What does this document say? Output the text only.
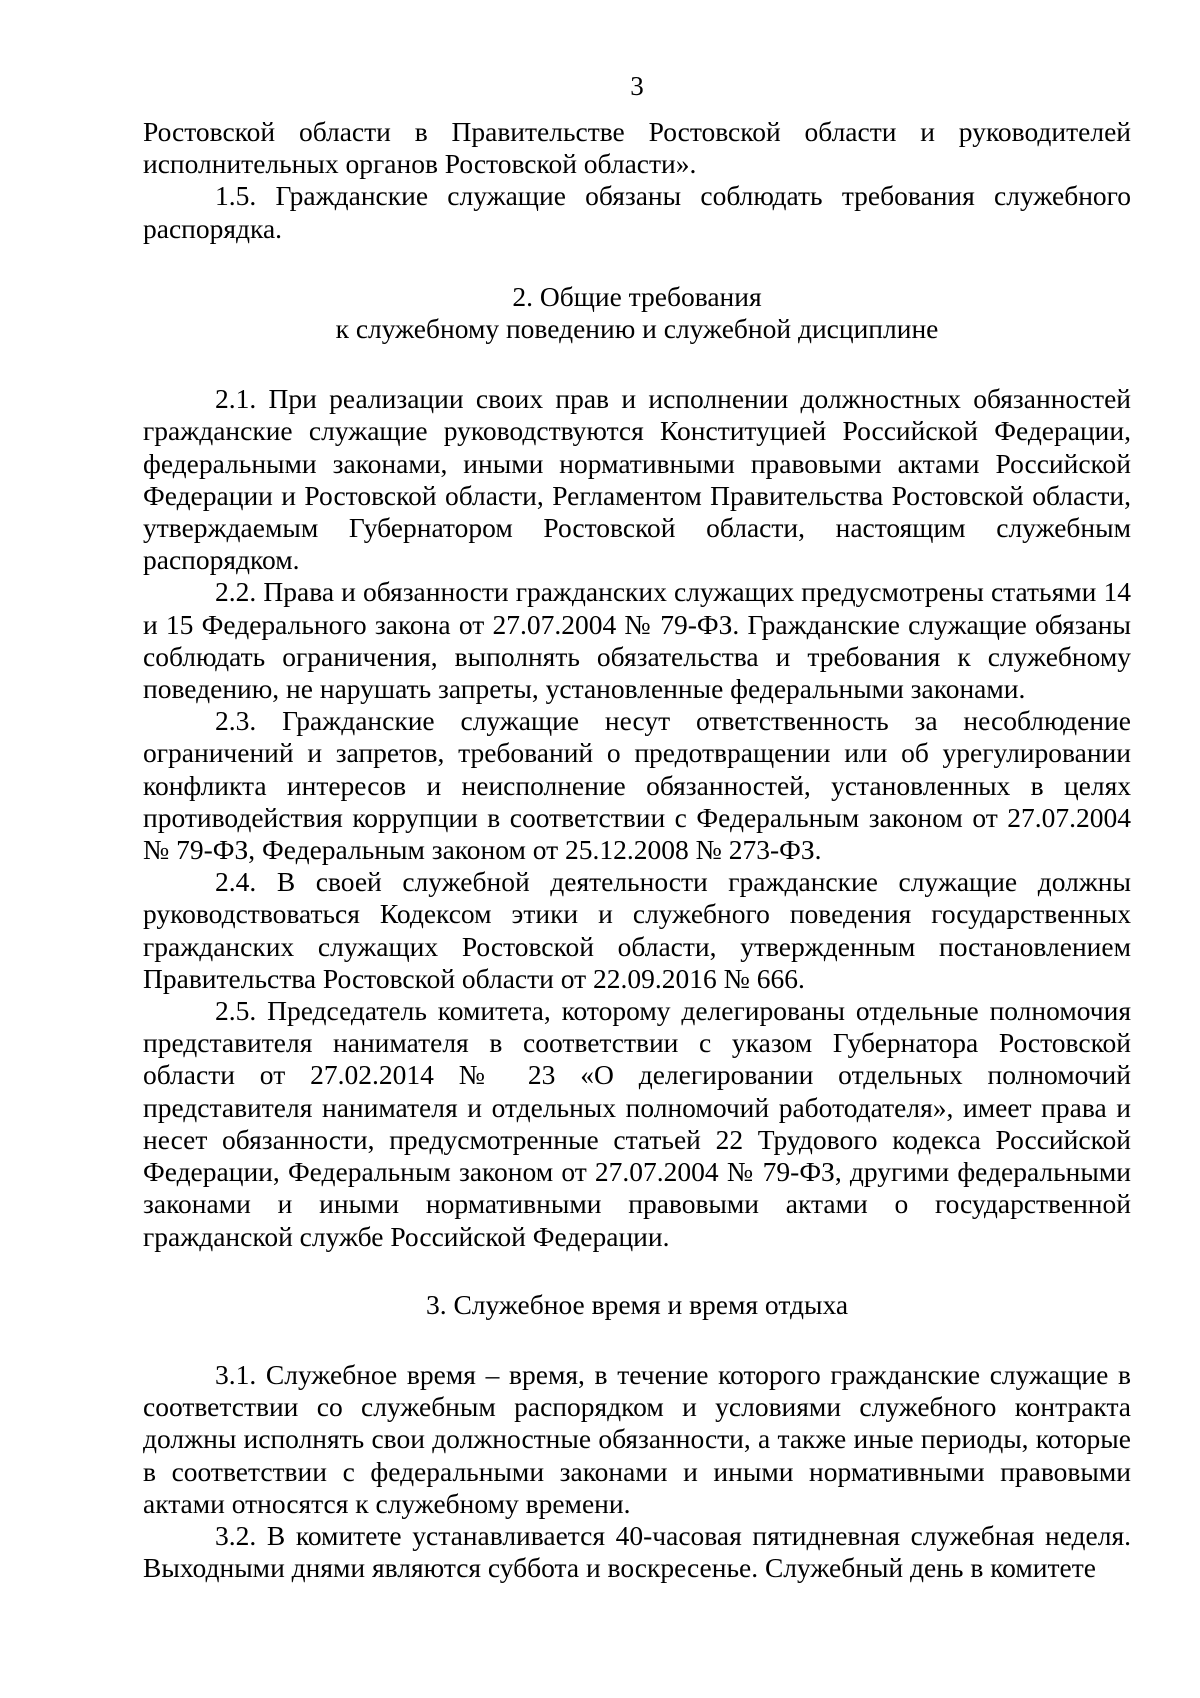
3

Ростовской области в Правительстве Ростовской области и руководителей исполнительных органов Ростовской области».

1.5. Гражданские служащие обязаны соблюдать требования служебного распорядка.

2. Общие требования
к служебному поведению и служебной дисциплине

2.1. При реализации своих прав и исполнении должностных обязанностей гражданские служащие руководствуются Конституцией Российской Федерации, федеральными законами, иными нормативными правовыми актами Российской Федерации и Ростовской области, Регламентом Правительства Ростовской области, утверждаемым Губернатором Ростовской области, настоящим служебным распорядком.

2.2. Права и обязанности гражданских служащих предусмотрены статьями 14 и 15 Федерального закона от 27.07.2004 № 79-ФЗ. Гражданские служащие обязаны соблюдать ограничения, выполнять обязательства и требования к служебному поведению, не нарушать запреты, установленные федеральными законами.

2.3. Гражданские служащие несут ответственность за несоблюдение ограничений и запретов, требований о предотвращении или об урегулировании конфликта интересов и неисполнение обязанностей, установленных в целях противодействия коррупции в соответствии с Федеральным законом от 27.07.2004 № 79-ФЗ, Федеральным законом от 25.12.2008 № 273-ФЗ.

2.4. В своей служебной деятельности гражданские служащие должны руководствоваться Кодексом этики и служебного поведения государственных гражданских служащих Ростовской области, утвержденным постановлением Правительства Ростовской области от 22.09.2016 № 666.

2.5. Председатель комитета, которому делегированы отдельные полномочия представителя нанимателя в соответствии с указом Губернатора Ростовской области от 27.02.2014 № 23 «О делегировании отдельных полномочий представителя нанимателя и отдельных полномочий работодателя», имеет права и несет обязанности, предусмотренные статьей 22 Трудового кодекса Российской Федерации, Федеральным законом от 27.07.2004 № 79-ФЗ, другими федеральными законами и иными нормативными правовыми актами о государственной гражданской службе Российской Федерации.

3. Служебное время и время отдыха

3.1. Служебное время – время, в течение которого гражданские служащие в соответствии со служебным распорядком и условиями служебного контракта должны исполнять свои должностные обязанности, а также иные периоды, которые в соответствии с федеральными законами и иными нормативными правовыми актами относятся к служебному времени.

3.2. В комитете устанавливается 40-часовая пятидневная служебная неделя. Выходными днями являются суббота и воскресенье. Служебный день в комитете
